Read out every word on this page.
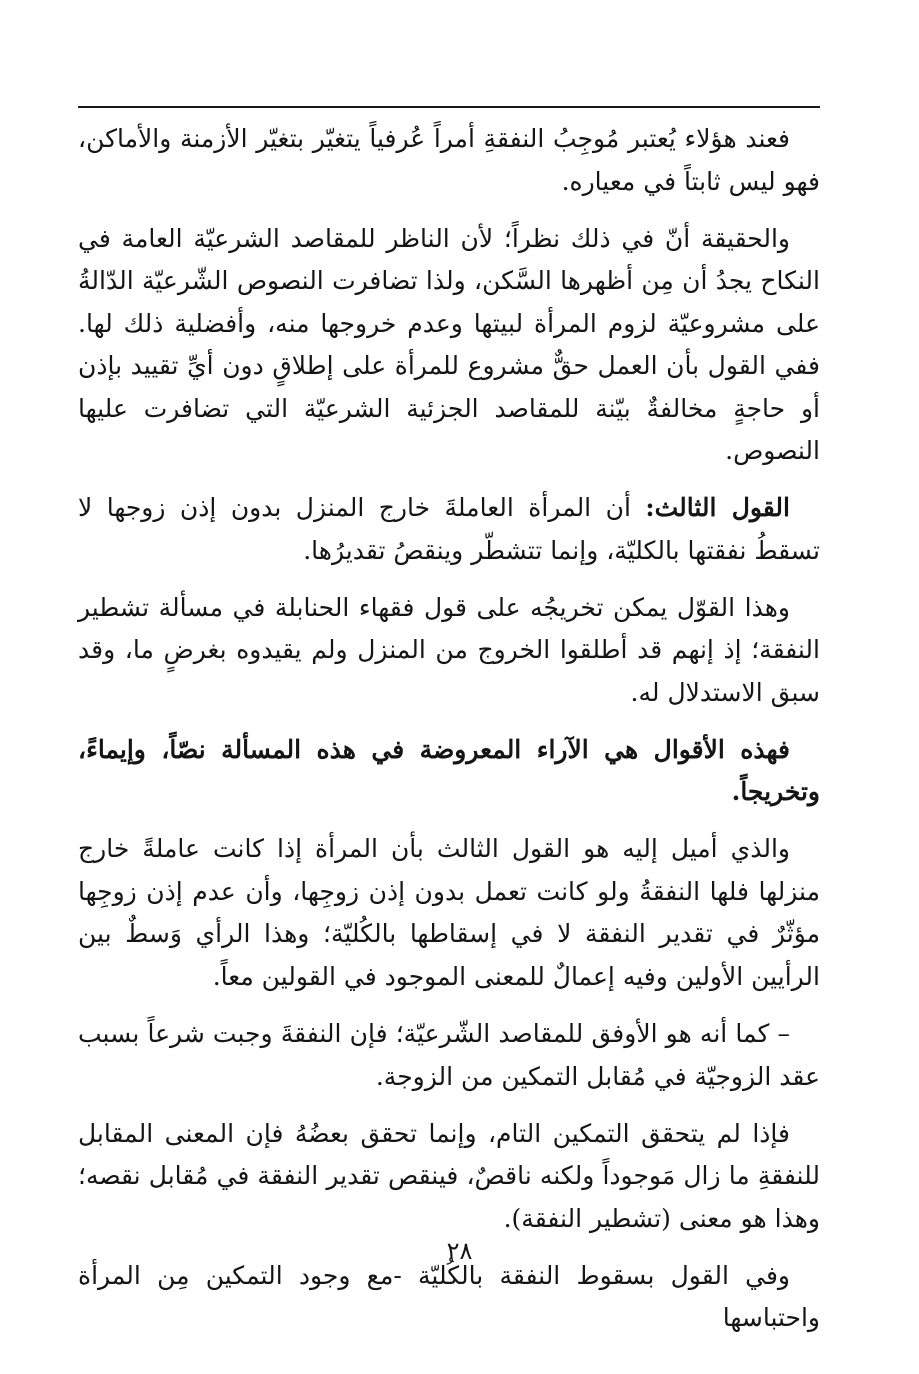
فعند هؤلاء يُعتبر مُوجِبُ النفقةِ أمراً عُرفياً يتغيّر بتغيّر الأزمنة والأماكن، فهو ليس ثابتاً في معياره.

والحقيقة أنّ في ذلك نظراً؛ لأن الناظر للمقاصد الشرعيّة العامة في النكاح يجدُ أن مِن أظهرها السَّكن، ولذا تضافرت النصوص الشّرعيّة الدّالةُ على مشروعيّة لزوم المرأة لبيتها وعدم خروجها منه، وأفضلية ذلك لها. ففي القول بأن العمل حقٌّ مشروع للمرأة على إطلاقٍ دون أيِّ تقييد بإذن أو حاجةٍ مخالفةٌ بيّنة للمقاصد الجزئية الشرعيّة التي تضافرت عليها النصوص.

القول الثالث: أن المرأة العاملةَ خارج المنزل بدون إذن زوجها لا تسقطُ نفقتها بالكليّة، وإنما تتشطّر وينقصُ تقديرُها.

وهذا القوّل يمكن تخريجُه على قول فقهاء الحنابلة في مسألة تشطير النفقة؛ إذ إنهم قد أطلقوا الخروج من المنزل ولم يقيدوه بغرضٍ ما، وقد سبق الاستدلال له.

فهذه الأقوال هي الآراء المعروضة في هذه المسألة نصّاً، وإيماءً، وتخريجاً.

والذي أميل إليه هو القول الثالث بأن المرأة إذا كانت عاملةً خارج منزلها فلها النفقةُ ولو كانت تعمل بدون إذن زوجِها، وأن عدم إذن زوجِها مؤثّرٌ في تقدير النفقة لا في إسقاطها بالكُليّة؛ وهذا الرأي وَسطٌ بين الرأيين الأولين وفيه إعمالٌ للمعنى الموجود في القولين معاً.

– كما أنه هو الأوفق للمقاصد الشّرعيّة؛ فإن النفقةَ وجبت شرعاً بسبب عقد الزوجيّة في مُقابل التمكين من الزوجة.

فإذا لم يتحقق التمكين التام، وإنما تحقق بعضُهُ فإن المعنى المقابل للنفقةِ ما زال مَوجوداً ولكنه ناقصٌ، فينقص تقدير النفقة في مُقابل نقصه؛ وهذا هو معنى (تشطير النفقة).

وفي القول بسقوط النفقة بالكُليّة -مع وجود التمكين مِن المرأة واحتباسها

٢٨
